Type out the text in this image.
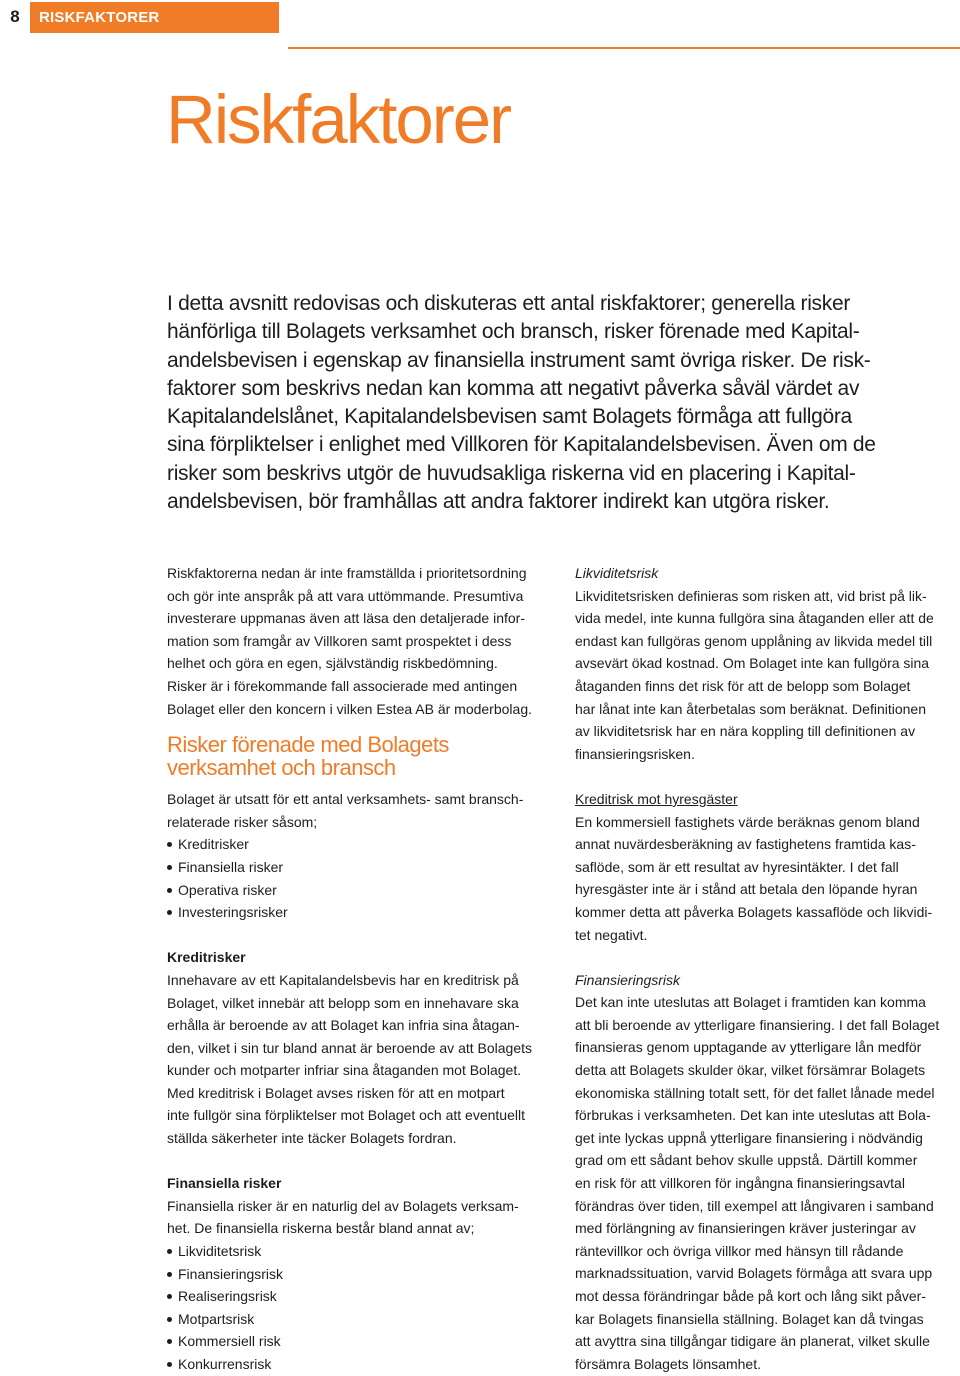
8	RISKFAKTORER
Riskfaktorer

I detta avsnitt redovisas och diskuteras ett antal riskfaktorer; generella risker
hänförliga till Bolagets verksamhet och bransch, risker förenade med Kapital-
andelsbevisen i egenskap av finansiella instrument samt övriga risker. De risk-
faktorer som beskrivs nedan kan komma att negativt påverka såväl värdet av
Kapitalandelslånet, Kapitalandelsbevisen samt Bolagets förmåga att fullgöra
sina förpliktelser i enlighet med Villkoren för Kapitalandelsbevisen. Även om de
risker som beskrivs utgör de huvudsakliga riskerna vid en placering i Kapital-
andelsbevisen, bör framhållas att andra faktorer indirekt kan utgöra risker.

Riskfaktorerna nedan är inte framställda i prioritetsordning
och gör inte anspråk på att vara uttömmande. Presumtiva
investerare uppmanas även att läsa den detaljerade infor-
mation som framgår av Villkoren samt prospektet i dess
helhet och göra en egen, självständig riskbedömning.
Risker är i förekommande fall associerade med antingen
Bolaget eller den koncern i vilken Estea AB är moderbolag.

Risker förenade med Bolagets
verksamhet och bransch

Bolaget är utsatt för ett antal verksamhets- samt bransch-
relaterade risker såsom;

Kreditrisker
Finansiella risker
Operativa risker
Investeringsrisker

Kreditrisker

Innehavare av ett Kapitalandelsbevis har en kreditrisk på
Bolaget, vilket innebär att belopp som en innehavare ska
erhålla är beroende av att Bolaget kan infria sina åtagan-
den, vilket i sin tur bland annat är beroende av att Bolagets
kunder och motparter infriar sina åtaganden mot Bolaget.
Med kreditrisk i Bolaget avses risken för att en motpart
inte fullgör sina förpliktelser mot Bolaget och att eventuellt
ställda säkerheter inte täcker Bolagets fordran.

Finansiella risker

Finansiella risker är en naturlig del av Bolagets verksam-
het. De finansiella riskerna består bland annat av;

Likviditetsrisk
Finansieringsrisk
Realiseringsrisk
Motpartsrisk
Kommersiell risk
Konkurrensrisk

Likviditetsrisk

Likviditetsrisken definieras som risken att, vid brist på lik-
vida medel, inte kunna fullgöra sina åtaganden eller att de
endast kan fullgöras genom upplåning av likvida medel till
avsevärt ökad kostnad. Om Bolaget inte kan fullgöra sina
åtaganden finns det risk för att de belopp som Bolaget
har lånat inte kan återbetalas som beräknat. Definitionen
av likviditetsrisk har en nära koppling till definitionen av
finansieringsrisken.

Kreditrisk mot hyresgäster

En kommersiell fastighets värde beräknas genom bland
annat nuvärdesberäkning av fastighetens framtida kas-
saflöde, som är ett resultat av hyresintäkter. I det fall
hyresgäster inte är i stånd att betala den löpande hyran
kommer detta att påverka Bolagets kassaflöde och likvidi-
tet negativt.

Finansieringsrisk

Det kan inte uteslutas att Bolaget i framtiden kan komma
att bli beroende av ytterligare finansiering. I det fall Bolaget
finansieras genom upptagande av ytterligare lån medför
detta att Bolagets skulder ökar, vilket försämrar Bolagets
ekonomiska ställning totalt sett, för det fallet lånade medel
förbrukas i verksamheten. Det kan inte uteslutas att Bola-
get inte lyckas uppnå ytterligare finansiering i nödvändig
grad om ett sådant behov skulle uppstå. Därtill kommer
en risk för att villkoren för ingångna finansieringsavtal
förändras över tiden, till exempel att långivaren i samband
med förlängning av finansieringen kräver justeringar av
räntevillkor och övriga villkor med hänsyn till rådande
marknadssituation, varvid Bolagets förmåga att svara upp
mot dessa förändringar både på kort och lång sikt påver-
kar Bolagets finansiella ställning. Bolaget kan då tvingas
att avyttra sina tillgångar tidigare än planerat, vilket skulle
försämra Bolagets lönsamhet.
